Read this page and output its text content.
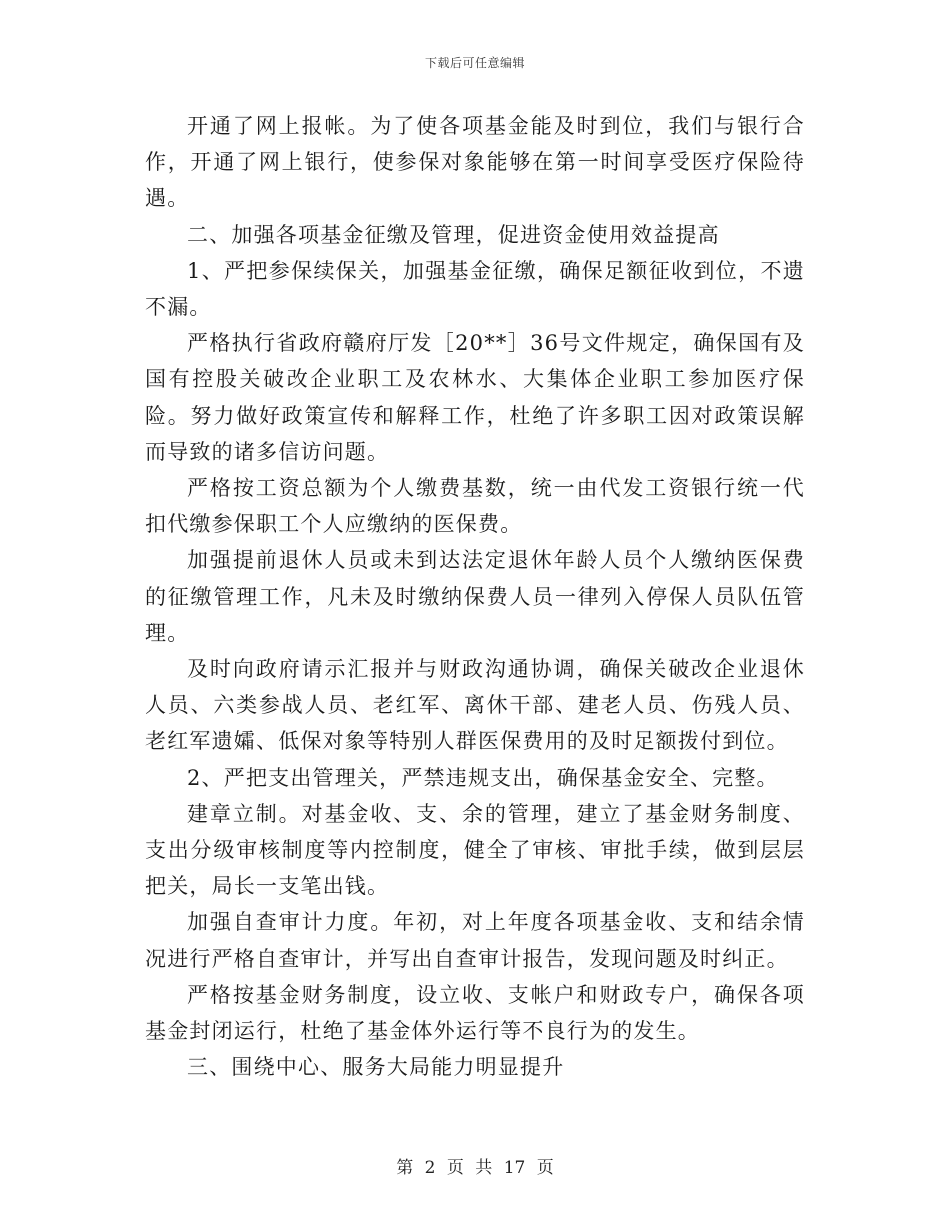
下载后可任意编辑

开通了网上报帐。为了使各项基金能及时到位，我们与银行合作，开通了网上银行，使参保对象能够在第一时间享受医疗保险待遇。

二、加强各项基金征缴及管理，促进资金使用效益提高

1、严把参保续保关，加强基金征缴，确保足额征收到位，不遗不漏。

严格执行省政府赣府厅发［20**］36号文件规定，确保国有及国有控股关破改企业职工及农林水、大集体企业职工参加医疗保险。努力做好政策宣传和解释工作，杜绝了许多职工因对政策误解而导致的诸多信访问题。

严格按工资总额为个人缴费基数，统一由代发工资银行统一代扣代缴参保职工个人应缴纳的医保费。

加强提前退休人员或未到达法定退休年龄人员个人缴纳医保费的征缴管理工作，凡未及时缴纳保费人员一律列入停保人员队伍管理。

及时向政府请示汇报并与财政沟通协调，确保关破改企业退休人员、六类参战人员、老红军、离休干部、建老人员、伤残人员、老红军遗孀、低保对象等特别人群医保费用的及时足额拨付到位。

2、严把支出管理关，严禁违规支出，确保基金安全、完整。

建章立制。对基金收、支、余的管理，建立了基金财务制度、支出分级审核制度等内控制度，健全了审核、审批手续，做到层层把关，局长一支笔出钱。

加强自查审计力度。年初，对上年度各项基金收、支和结余情况进行严格自查审计，并写出自查审计报告，发现问题及时纠正。

严格按基金财务制度，设立收、支帐户和财政专户，确保各项基金封闭运行，杜绝了基金体外运行等不良行为的发生。

三、围绕中心、服务大局能力明显提升

第 2 页 共 17 页
